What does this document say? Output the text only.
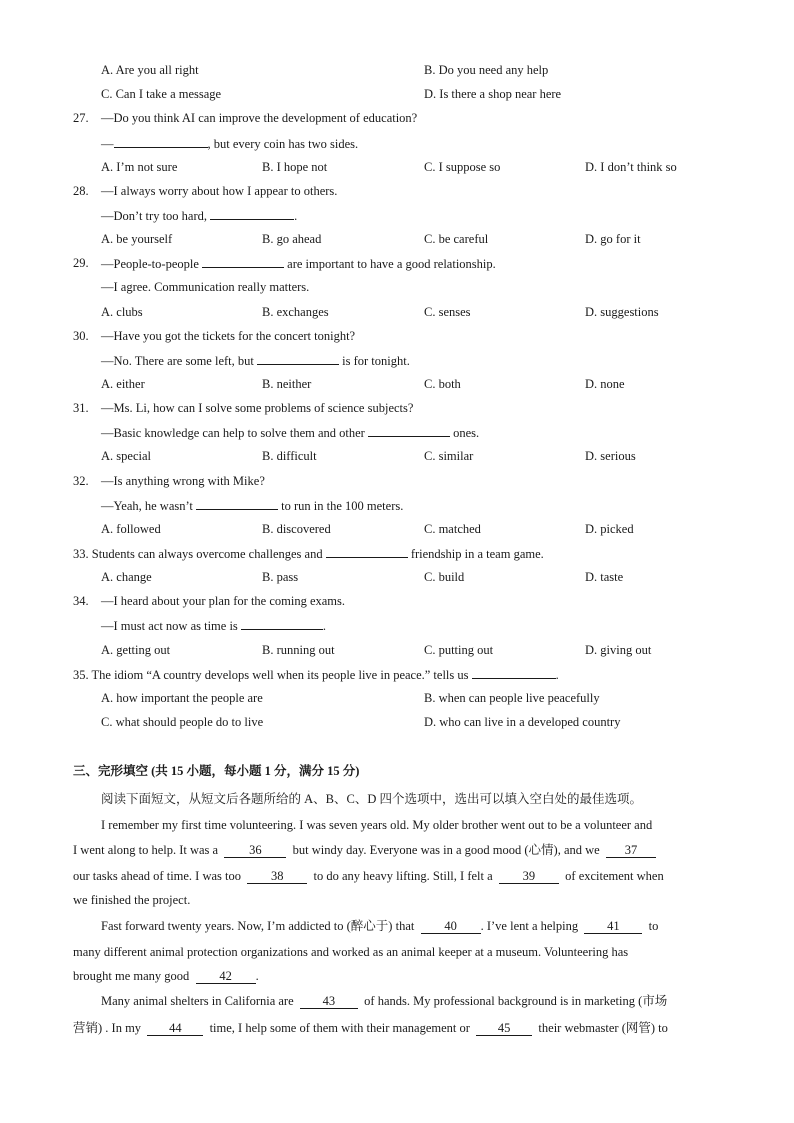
A. Are you all right	B. Do you need any help
C. Can I take a message	D. Is there a shop near here
27. —Do you think AI can improve the development of education?
—	, but every coin has two sides.
A. I’m not sure	B. I hope not	C. I suppose so	D. I don’t think so
28. —I always worry about how I appear to others.
—Don’t try too hard,	.
A. be yourself	B. go ahead	C. be careful	D. go for it
29. —People-to-people	are important to have a good relationship.
—I agree. Communication really matters.
A. clubs	B. exchanges	C. senses	D. suggestions
30. —Have you got the tickets for the concert tonight?
—No. There are some left, but	is for tonight.
A. either	B. neither	C. both	D. none
31. —Ms. Li, how can I solve some problems of science subjects?
—Basic knowledge can help to solve them and other	ones.
A. special	B. difficult	C. similar	D. serious
32. —Is anything wrong with Mike?
—Yeah, he wasn’t	to run in the 100 meters.
A. followed	B. discovered	C. matched	D. picked
33. Students can always overcome challenges and	friendship in a team game.
A. change	B. pass	C. build	D. taste
34. —I heard about your plan for the coming exams.
—I must act now as time is	.
A. getting out	B. running out	C. putting out	D. giving out
35. The idiom “A country develops well when its people live in peace.” tells us	.
A. how important the people are	B. when can people live peacefully
C. what should people do to live	D. who can live in a developed country
三、完形填空 (共 15 小题，每小题 1 分，满分 15 分)
阅读下面短文，从短文后各题所给的 A、B、C、D 四个选项中，选出可以填入空白处的最佳选项。
I remember my first time volunteering. I was seven years old. My older brother went out to be a volunteer and
I went along to help. It was a 36 but windy day. Everyone was in a good mood (心情), and we 37
our tasks ahead of time. I was too 38 to do any heavy lifting. Still, I felt a 39 of excitement when
we finished the project.
Fast forward twenty years. Now, I’m addicted to (醉心于) that 40 . I’ve lent a helping 41 to
many different animal protection organizations and worked as an animal keeper at a museum. Volunteering has
brought me many good 42 .
Many animal shelters in California are 43 of hands. My professional background is in marketing (市场
营销) . In my 44 time, I help some of them with their management or 45 their webmaster (网管) to
